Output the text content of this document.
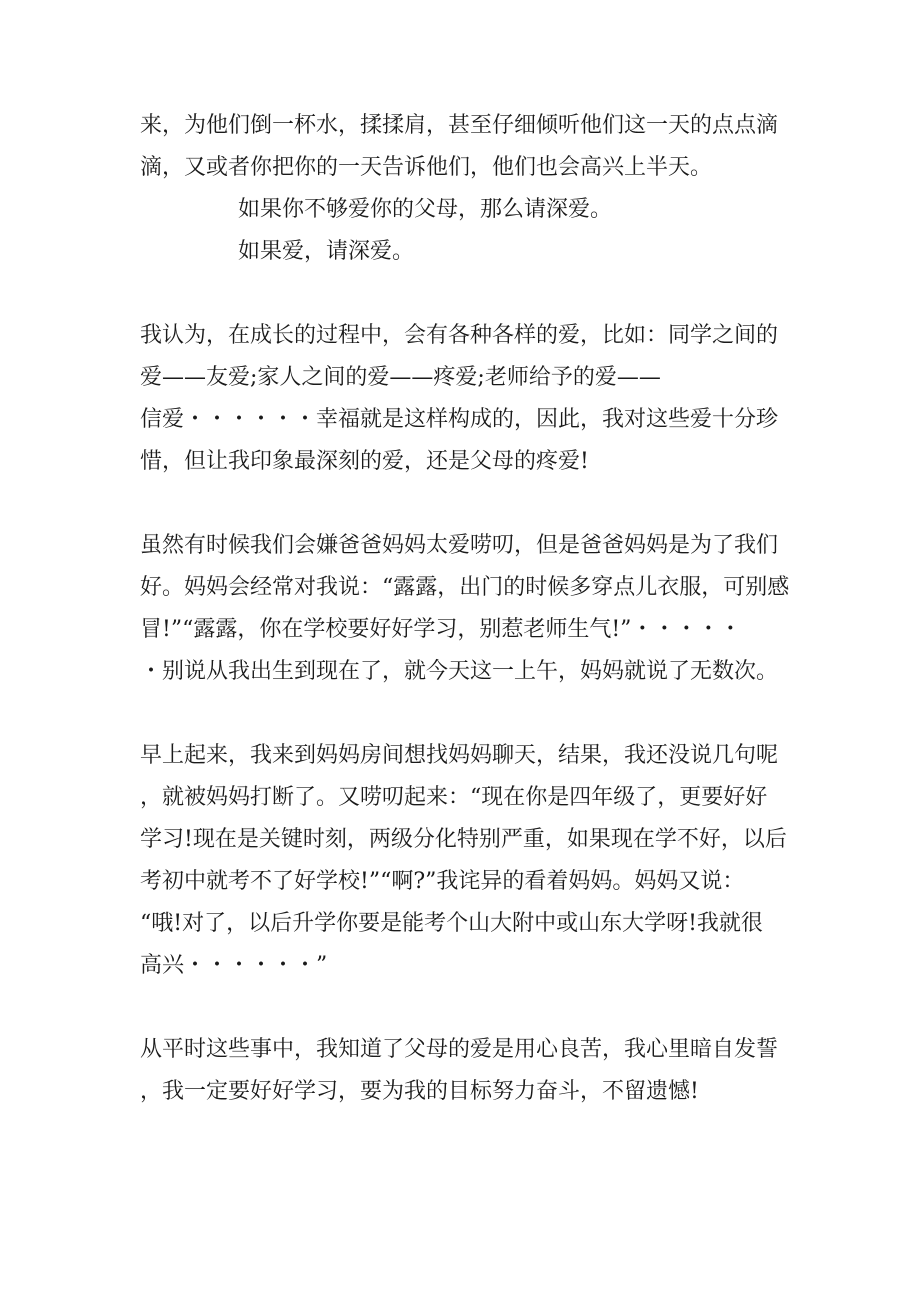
来，为他们倒一杯水，揉揉肩，甚至仔细倾听他们这一天的点点滴
滴，又或者你把你的一天告诉他们，他们也会高兴上半天。
如果你不够爱你的父母，那么请深爱。
如果爱，请深爱。
我认为，在成长的过程中，会有各种各样的爱，比如：同学之间的
爱——友爱;家人之间的爱——疼爱;老师给予的爱——
信爱・・・・・・幸福就是这样构成的，因此，我对这些爱十分珍
惜，但让我印象最深刻的爱，还是父母的疼爱!
虽然有时候我们会嫌爸爸妈妈太爱唠叨，但是爸爸妈妈是为了我们
好。妈妈会经常对我说：“露露，出门的时候多穿点儿衣服，可别感
冒!”“露露，你在学校要好好学习，别惹老师生气!”・・・・・
・别说从我出生到现在了，就今天这一上午，妈妈就说了无数次。
早上起来，我来到妈妈房间想找妈妈聊天，结果，我还没说几句呢
，就被妈妈打断了。又唠叨起来：“现在你是四年级了，更要好好
学习!现在是关键时刻，两级分化特别严重，如果现在学不好，以后
考初中就考不了好学校!”“啊?”我诧异的看着妈妈。妈妈又说：
“哦!对了，以后升学你要是能考个山大附中或山东大学呀!我就很
高兴・・・・・・”
从平时这些事中，我知道了父母的爱是用心良苦，我心里暗自发誓
，我一定要好好学习，要为我的目标努力奋斗，不留遗憾!
